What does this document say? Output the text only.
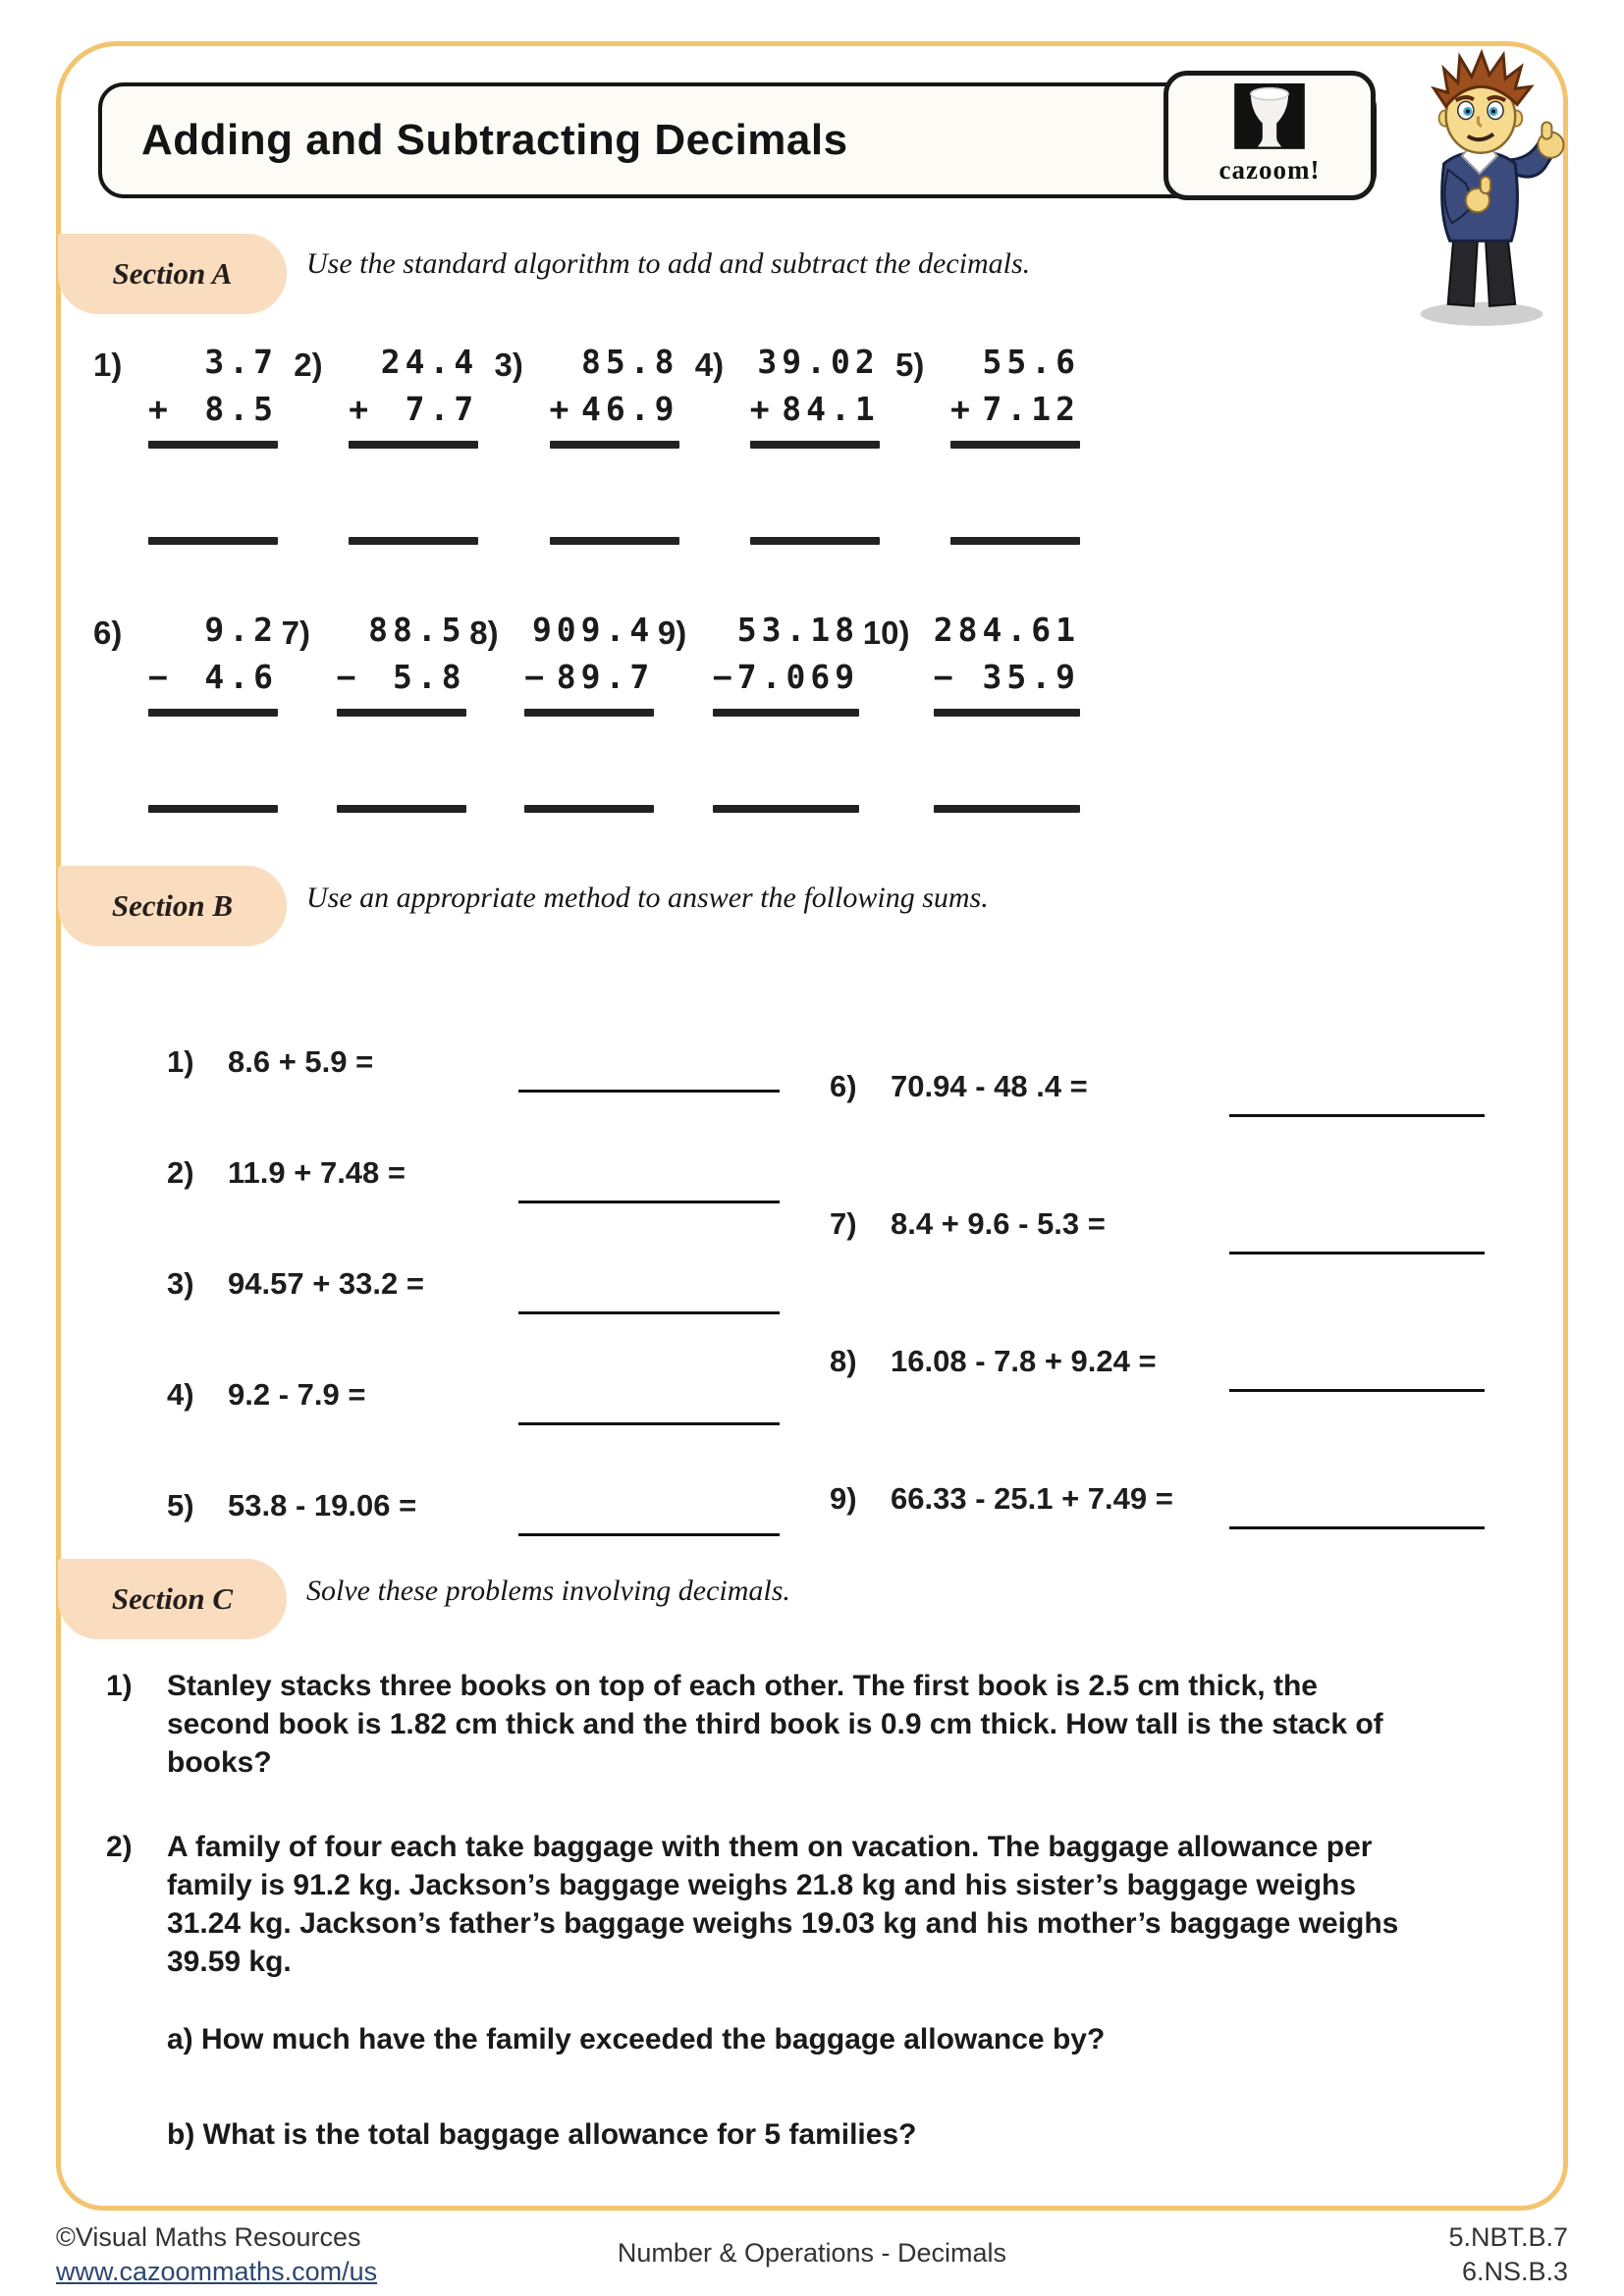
Adding and Subtracting Decimals
cazoom!
Section A	Use the standard algorithm to add and subtract the decimals.
1)	3.7
+ 8.5
2)	24.4
+ 7.7
3)	85.8
+ 46.9
4)	39.02
+ 84.1
5)	55.6
+ 7.12
6)	9.2
− 4.6
7)	88.5
− 5.8
8)	909.4
− 89.7
9)	53.18
− 7.069
10) 284.61
− 35.9
Section B Use an appropriate method to answer the following sums.
1)	8.6 + 5.9 =
2)	11.9 + 7.48 =
3)	94.57 + 33.2 =
4)	9.2 - 7.9 =
5)	53.8 - 19.06 =
6)	70.94 - 48 .4 =
7)	8.4 + 9.6 - 5.3 =
8)	16.08 - 7.8 + 9.24 =
9)	66.33 - 25.1 + 7.49 =
Section C Solve these problems involving decimals.
1)	Stanley stacks three books on top of each other. The first book is 2.5 cm thick, the second book is 1.82 cm thick and the third book is 0.9 cm thick. How tall is the stack of books?
2)	A family of four each take baggage with them on vacation. The baggage allowance per family is 91.2 kg. Jackson’s baggage weighs 21.8 kg and his sister’s baggage weighs 31.24 kg. Jackson’s father’s baggage weighs 19.03 kg and his mother’s baggage weighs 39.59 kg.
a) How much have the family exceeded the baggage allowance by?
b) What is the total baggage allowance for 5 families?
©Visual Maths Resources
www.cazoommaths.com/us
Number & Operations - Decimals
5.NBT.B.7
6.NS.B.3
